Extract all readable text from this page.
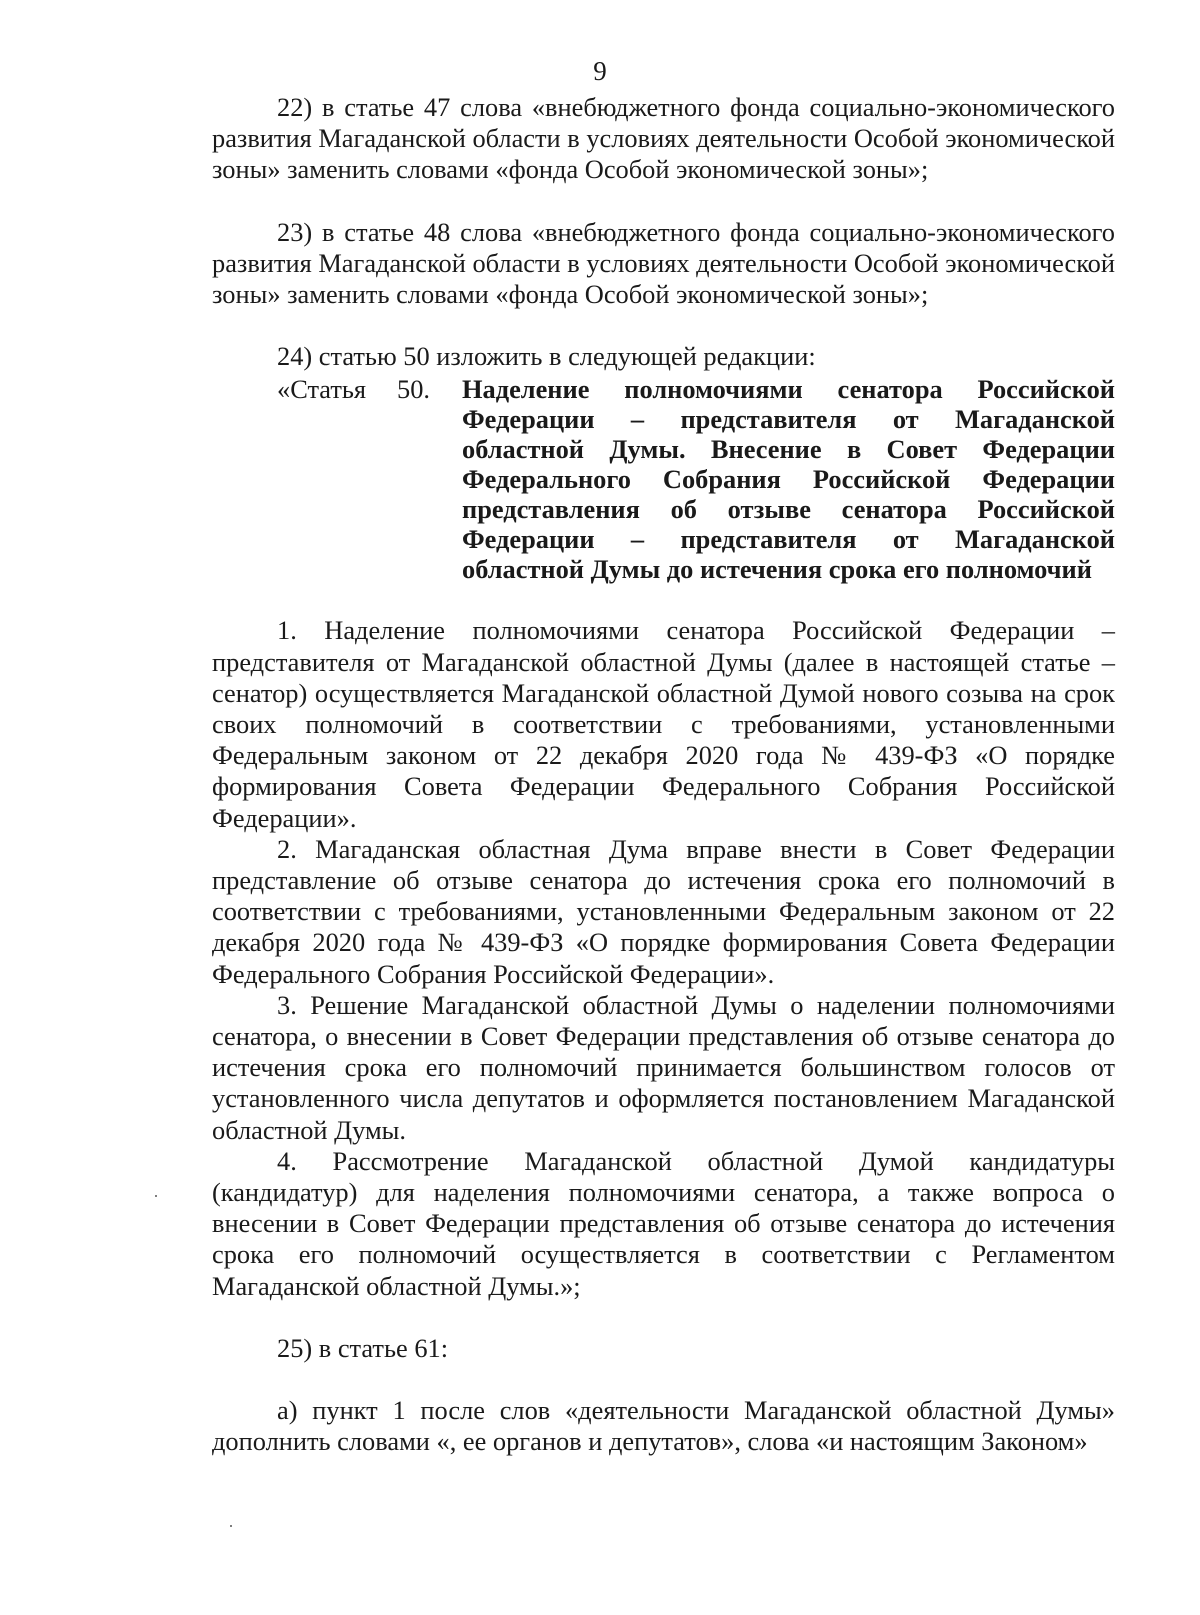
9

22) в статье 47 слова «внебюджетного фонда социально-экономического развития Магаданской области в условиях деятельности Особой экономической зоны» заменить словами «фонда Особой экономической зоны»;

23) в статье 48 слова «внебюджетного фонда социально-экономического развития Магаданской области в условиях деятельности Особой экономической зоны» заменить словами «фонда Особой экономической зоны»;

24) статью 50 изложить в следующей редакции:

«Статья 50. Наделение полномочиями сенатора Российской Федерации – представителя от Магаданской областной Думы. Внесение в Совет Федерации Федерального Собрания Российской Федерации представления об отзыве сенатора Российской Федерации – представителя от Магаданской областной Думы до истечения срока его полномочий

1. Наделение полномочиями сенатора Российской Федерации – представителя от Магаданской областной Думы (далее в настоящей статье – сенатор) осуществляется Магаданской областной Думой нового созыва на срок своих полномочий в соответствии с требованиями, установленными Федеральным законом от 22 декабря 2020 года № 439-ФЗ «О порядке формирования Совета Федерации Федерального Собрания Российской Федерации».

2. Магаданская областная Дума вправе внести в Совет Федерации представление об отзыве сенатора до истечения срока его полномочий в соответствии с требованиями, установленными Федеральным законом от 22 декабря 2020 года № 439-ФЗ «О порядке формирования Совета Федерации Федерального Собрания Российской Федерации».

3. Решение Магаданской областной Думы о наделении полномочиями сенатора, о внесении в Совет Федерации представления об отзыве сенатора до истечения срока его полномочий принимается большинством голосов от установленного числа депутатов и оформляется постановлением Магаданской областной Думы.

4. Рассмотрение Магаданской областной Думой кандидатуры (кандидатур) для наделения полномочиями сенатора, а также вопроса о внесении в Совет Федерации представления об отзыве сенатора до истечения срока его полномочий осуществляется в соответствии с Регламентом Магаданской областной Думы.»;

25) в статье 61:

а) пункт 1 после слов «деятельности Магаданской областной Думы» дополнить словами «, ее органов и депутатов», слова «и настоящим Законом»
